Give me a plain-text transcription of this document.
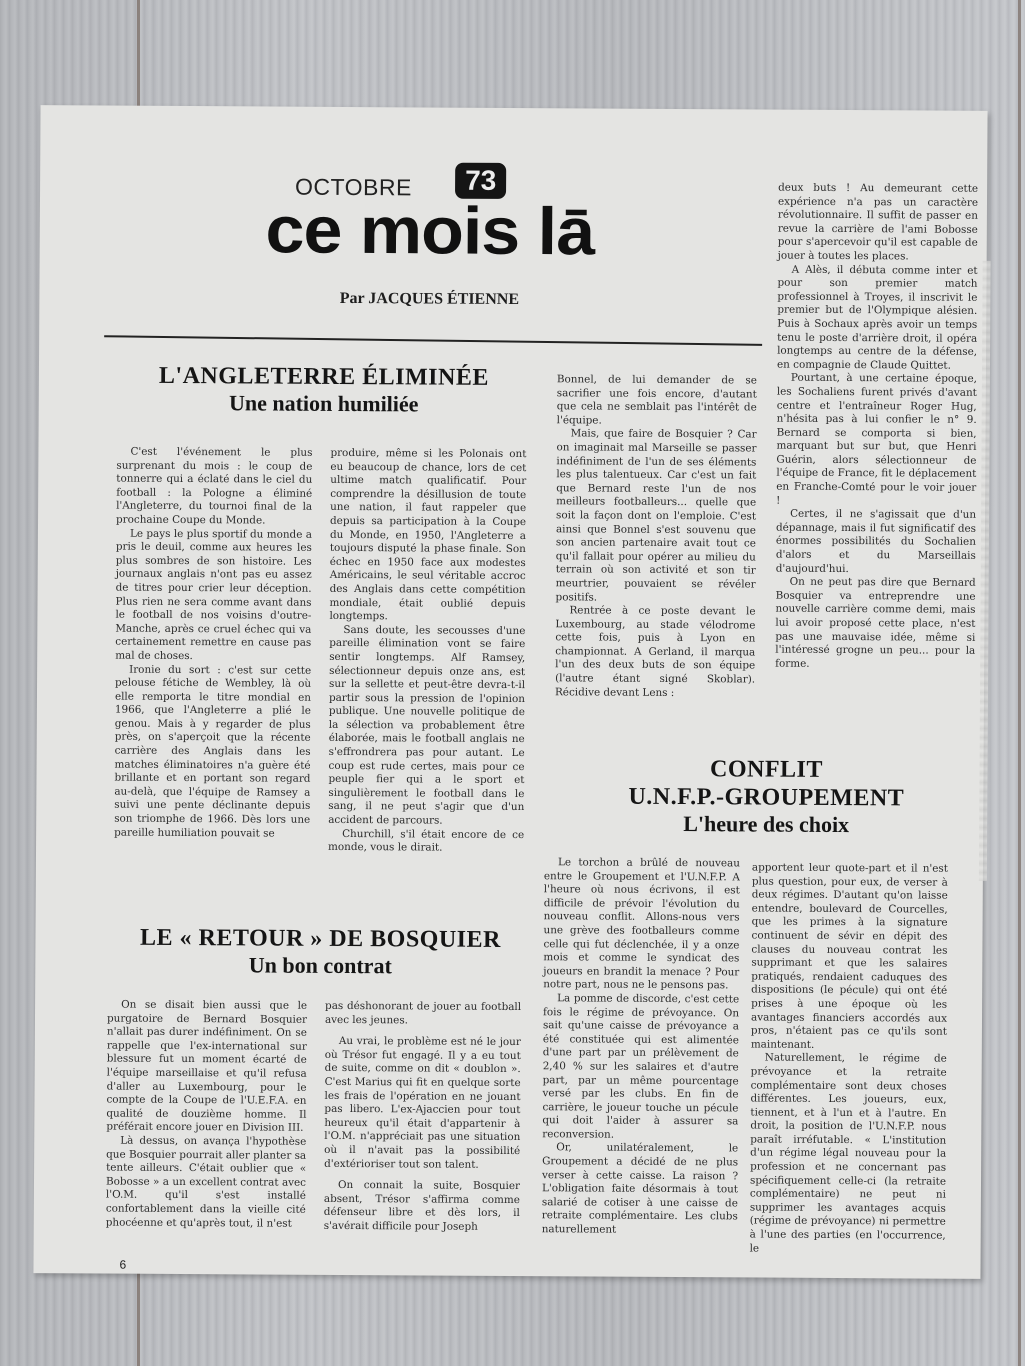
OCTOBRE	73
ce mois lā
Par JACQUES ÉTIENNE
L'ANGLETERRE ÉLIMINÉE
Une nation humiliée

C'est l'événement le plus surprenant du mois : le coup de tonnerre qui a éclaté dans le ciel du football : la Pologne a éliminé l'Angleterre, du tournoi final de la prochaine Coupe du Monde.

Le pays le plus sportif du monde a pris le deuil, comme aux heures les plus sombres de son histoire. Les journaux anglais n'ont pas eu assez de titres pour crier leur déception. Plus rien ne sera comme avant dans le football de nos voisins d'outre-Manche, après ce cruel échec qui va certainement remettre en cause pas mal de choses.

Ironie du sort : c'est sur cette pelouse fétiche de Wembley, là où elle remporta le titre mondial en 1966, que l'Angleterre a plié le genou. Mais à y regarder de plus près, on s'aperçoit que la récente carrière des Anglais dans les matches éliminatoires n'a guère été brillante et en portant son regard au-delà, que l'équipe de Ramsey a suivi une pente déclinante depuis son triomphe de 1966. Dès lors une pareille humiliation pouvait se

produire, même si les Polonais ont eu beaucoup de chance, lors de cet ultime match qualificatif. Pour comprendre la désillusion de toute une nation, il faut rappeler que depuis sa participation à la Coupe du Monde, en 1950, l'Angleterre a toujours disputé la phase finale. Son échec en 1950 face aux modestes Américains, le seul véritable accroc des Anglais dans cette compétition mondiale, était oublié depuis longtemps.

Sans doute, les secousses d'une pareille élimination vont se faire sentir longtemps. Alf Ramsey, sélectionneur depuis onze ans, est sur la sellette et peut-être devra-t-il partir sous la pression de l'opinion publique. Une nouvelle politique de la sélection va probablement être élaborée, mais le football anglais ne s'effrondrera pas pour autant. Le coup est rude certes, mais pour ce peuple fier qui a le sport et singulièrement le football dans le sang, il ne peut s'agir que d'un accident de parcours.

Churchill, s'il était encore de ce monde, vous le dirait.

LE « RETOUR » DE BOSQUIER
Un bon contrat

On se disait bien aussi que le purgatoire de Bernard Bosquier n'allait pas durer indéfiniment. On se rappelle que l'ex-international sur blessure fut un moment écarté de l'équipe marseillaise et qu'il refusa d'aller au Luxembourg, pour le compte de la Coupe de l'U.E.F.A. en qualité de douzième homme. Il préférait encore jouer en Division III.

Là dessus, on avança l'hypothèse que Bosquier pourrait aller planter sa tente ailleurs. C'était oublier que « Bobosse » a un excellent contrat avec l'O.M. qu'il s'est installé confortablement dans la vieille cité phocéenne et qu'après tout, il n'est

pas déshonorant de jouer au football avec les jeunes.

Au vrai, le problème est né le jour où Trésor fut engagé. Il y a eu tout de suite, comme on dit « doublon ». C'est Marius qui fit en quelque sorte les frais de l'opération en ne jouant pas libero. L'ex-Ajaccien pour tout heureux qu'il était d'appartenir à l'O.M. n'appréciait pas une situation où il n'avait pas la possibilité d'extérioriser tout son talent.

On connait la suite, Bosquier absent, Trésor s'affirma comme défenseur libre et dès lors, il s'avérait difficile pour Joseph

Bonnel, de lui demander de se sacrifier une fois encore, d'autant que cela ne semblait pas l'intérêt de l'équipe.

Mais, que faire de Bosquier ? Car on imaginait mal Marseille se passer indéfiniment de l'un de ses éléments les plus talentueux. Car c'est un fait que Bernard reste l'un de nos meilleurs footballeurs... quelle que soit la façon dont on l'emploie. C'est ainsi que Bonnel s'est souvenu que son ancien partenaire avait tout ce qu'il fallait pour opérer au milieu du terrain où son activité et son tir meurtrier, pouvaient se révéler positifs.

Rentrée à ce poste devant le Luxembourg, au stade vélodrome cette fois, puis à Lyon en championnat. A Gerland, il marqua l'un des deux buts de son équipe (l'autre étant signé Skoblar). Récidive devant Lens :

deux buts ! Au demeurant cette expérience n'a pas un caractère révolutionnaire. Il suffit de passer en revue la carrière de l'ami Bobosse pour s'apercevoir qu'il est capable de jouer à toutes les places.

A Alès, il débuta comme inter et pour son premier match professionnel à Troyes, il inscrivit le premier but de l'Olympique alésien. Puis à Sochaux après avoir un temps tenu le poste d'arrière droit, il opéra longtemps au centre de la défense, en compagnie de Claude Quittet.

Pourtant, à une certaine époque, les Sochaliens furent privés d'avant centre et l'entraîneur Roger Hug, n'hésita pas à lui confier le n° 9. Bernard se comporta si bien, marquant but sur but, que Henri Guérin, alors sélectionneur de l'équipe de France, fit le déplacement en Franche-Comté pour le voir jouer !

Certes, il ne s'agissait que d'un dépannage, mais il fut significatif des énormes possibilités du Sochalien d'alors et du Marseillais d'aujourd'hui.

On ne peut pas dire que Bernard Bosquier va entreprendre une nouvelle carrière comme demi, mais lui avoir proposé cette place, n'est pas une mauvaise idée, même si l'intéressé grogne un peu... pour la forme.

CONFLIT
U.N.F.P.-GROUPEMENT
L'heure des choix

Le torchon a brûlé de nouveau entre le Groupement et l'U.N.F.P. A l'heure où nous écrivons, il est difficile de prévoir l'évolution du nouveau conflit. Allons-nous vers une grève des footballeurs comme celle qui fut déclenchée, il y a onze mois et comme le syndicat des joueurs en brandit la menace ? Pour notre part, nous ne le pensons pas.

La pomme de discorde, c'est cette fois le régime de prévoyance. On sait qu'une caisse de prévoyance a été constituée qui est alimentée d'une part par un prélèvement de 2,40 % sur les salaires et d'autre part, par un même pourcentage versé par les clubs. En fin de carrière, le joueur touche un pécule qui doit l'aider à assurer sa reconversion.

Or, unilatéralement, le Groupement a décidé de ne plus verser à cette caisse. La raison ? L'obligation faite désormais à tout salarié de cotiser à une caisse de retraite complémentaire. Les clubs naturellement

apportent leur quote-part et il n'est plus question, pour eux, de verser à deux régimes. D'autant qu'on laisse entendre, boulevard de Courcelles, que les primes à la signature continuent de sévir en dépit des clauses du nouveau contrat les supprimant et que les salaires pratiqués, rendaient caduques des dispositions (le pécule) qui ont été prises à une époque où les avantages financiers accordés aux pros, n'étaient pas ce qu'ils sont maintenant.

Naturellement, le régime de prévoyance et la retraite complémentaire sont deux choses différentes. Les joueurs, eux, tiennent, et à l'un et à l'autre. En droit, la position de l'U.N.F.P. nous paraît irréfutable. « L'institution d'un régime légal nouveau pour la profession et ne concernant pas spécifiquement celle-ci (la retraite complémentaire) ne peut ni supprimer les avantages acquis (régime de prévoyance) ni permettre à l'une des parties (en l'occurrence, le

6
